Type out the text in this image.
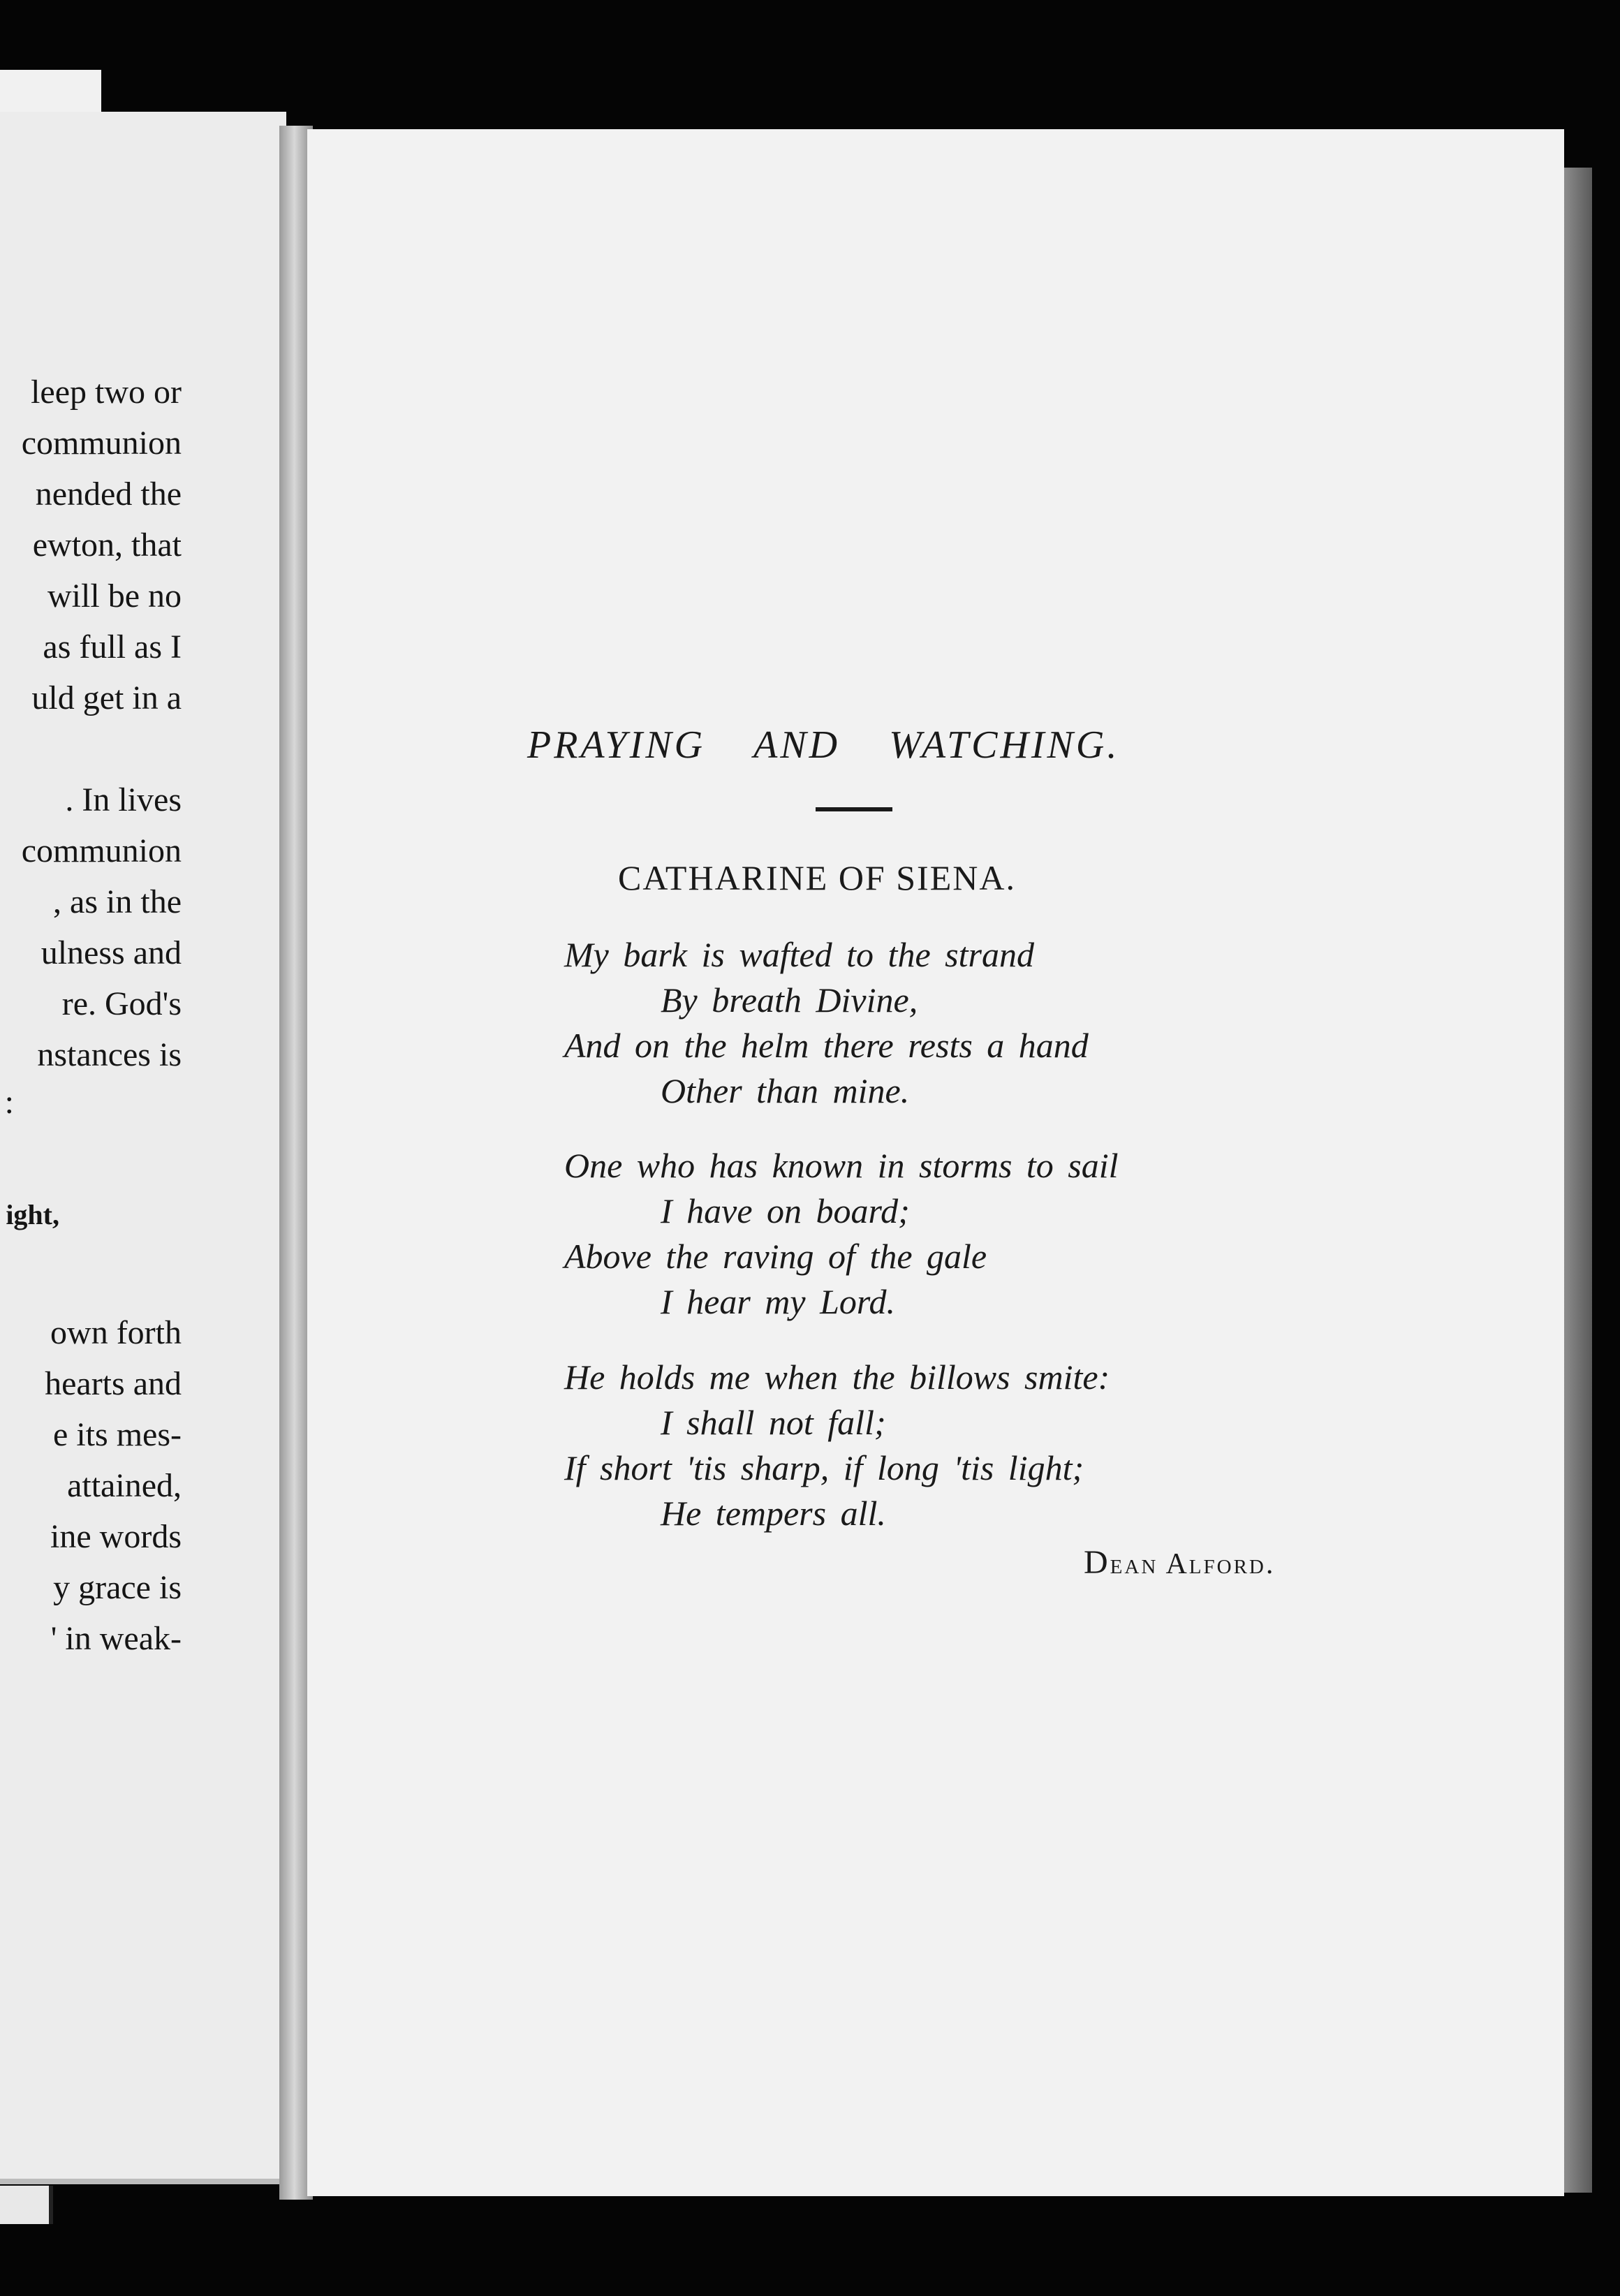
leep two or
communion
nended the
ewton, that
will be no
as full as I
uld get in a
. In lives
communion
, as in the
ulness and
re. God's
nstances is
:
ight,
own forth
hearts and
e its mes-
attained,
ine words
y grace is
' in weak-
PRAYING AND WATCHING.
CATHARINE OF SIENA.
My bark is wafted to the strand
By breath Divine,
And on the helm there rests a hand
Other than mine.
One who has known in storms to sail
I have on board;
Above the raving of the gale
I hear my Lord.
He holds me when the billows smite:
I shall not fall;
If short 'tis sharp, if long 'tis light;
He tempers all.
Dean Alford.
